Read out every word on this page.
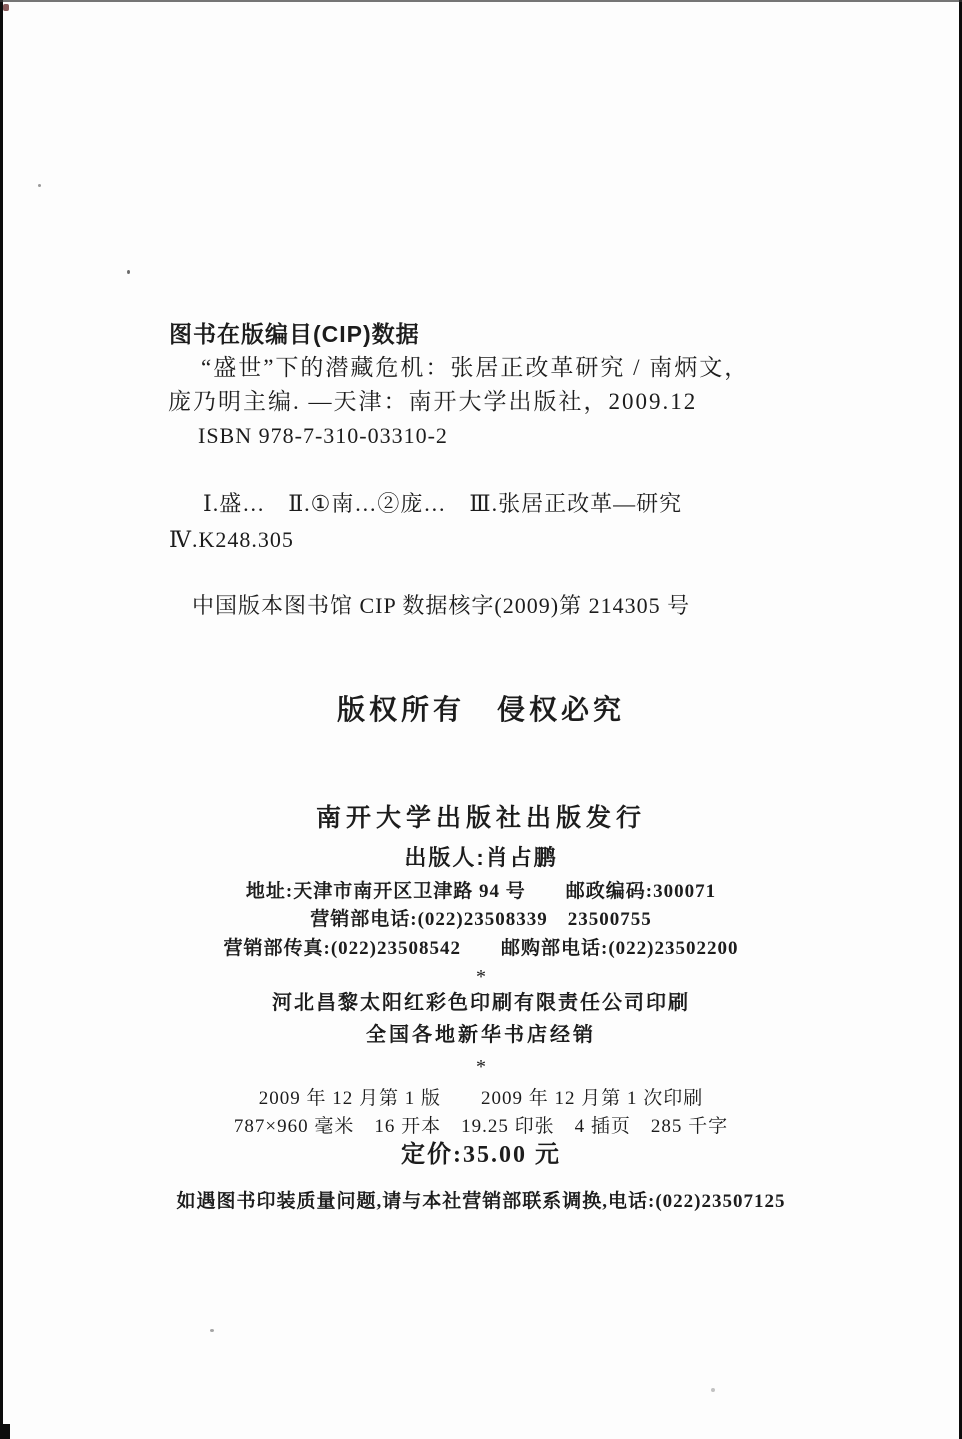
图书在版编目(CIP)数据

“盛世”下的潜藏危机：张居正改革研究 / 南炳文，

庞乃明主编. —天津：南开大学出版社，2009.12

ISBN 978-7-310-03310-2

Ⅰ.盛…　Ⅱ.①南…②庞…　Ⅲ.张居正改革—研究

Ⅳ.K248.305

中国版本图书馆 CIP 数据核字(2009)第 214305 号

版权所有　侵权必究

南开大学出版社出版发行

出版人:肖占鹏

地址:天津市南开区卫津路 94 号　　邮政编码:300071

营销部电话:(022)23508339　23500755

营销部传真:(022)23508542　　邮购部电话:(022)23502200

*

河北昌黎太阳红彩色印刷有限责任公司印刷

全国各地新华书店经销

*

2009 年 12 月第 1 版　　2009 年 12 月第 1 次印刷

787×960 毫米　16 开本　19.25 印张　4 插页　285 千字

定价:35.00 元

如遇图书印装质量问题,请与本社营销部联系调换,电话:(022)23507125
